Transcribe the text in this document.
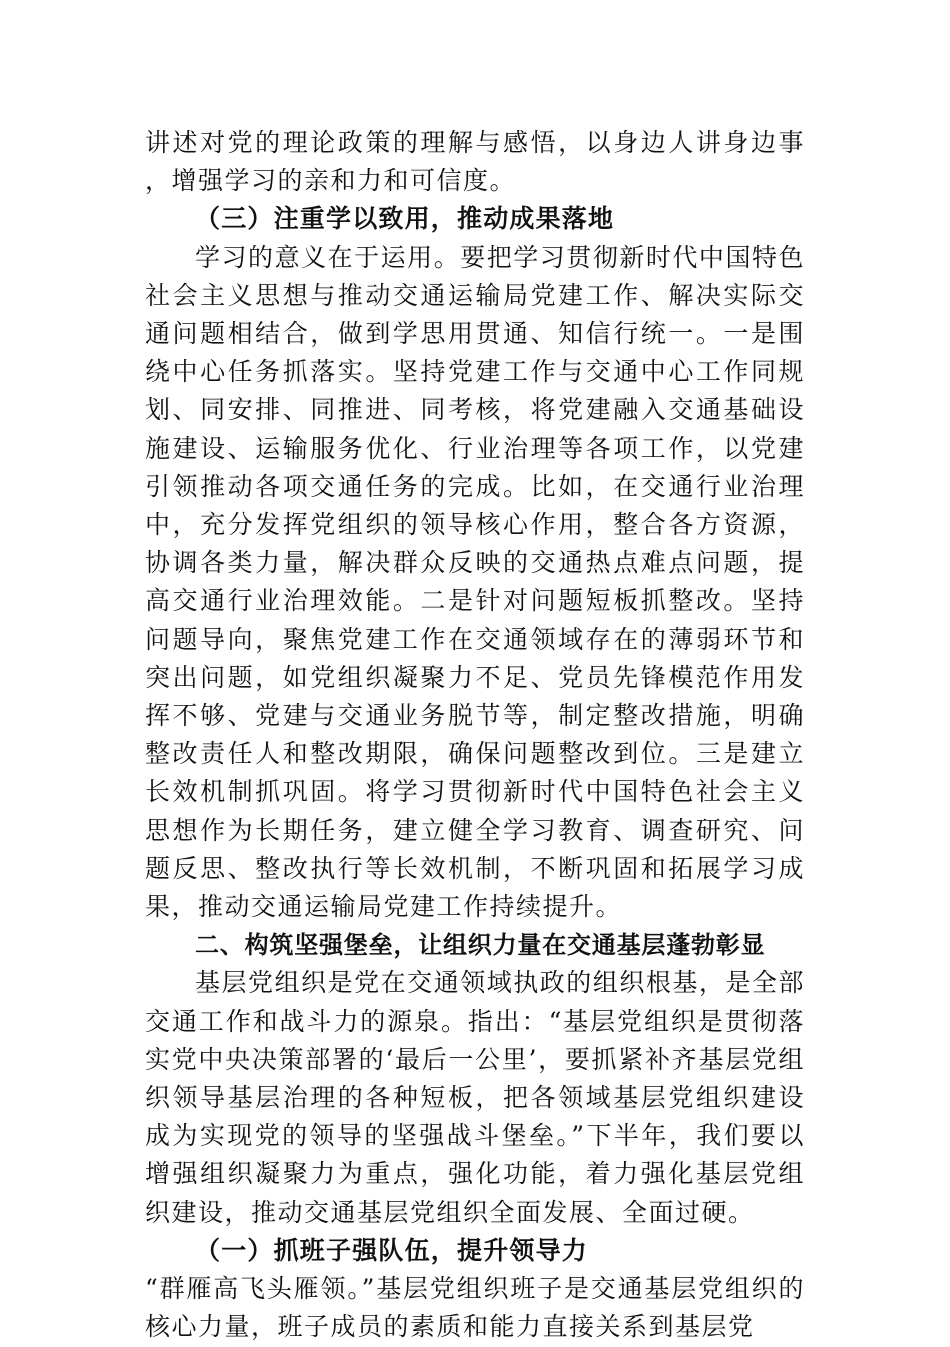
讲述对党的理论政策的理解与感悟，以身边人讲身边事，增强学习的亲和力和可信度。

（三）注重学以致用，推动成果落地

学习的意义在于运用。要把学习贯彻新时代中国特色社会主义思想与推动交通运输局党建工作、解决实际交通问题相结合，做到学思用贯通、知信行统一。一是围绕中心任务抓落实。坚持党建工作与交通中心工作同规划、同安排、同推进、同考核，将党建融入交通基础设施建设、运输服务优化、行业治理等各项工作，以党建引领推动各项交通任务的完成。比如，在交通行业治理中，充分发挥党组织的领导核心作用，整合各方资源，协调各类力量，解决群众反映的交通热点难点问题，提高交通行业治理效能。二是针对问题短板抓整改。坚持问题导向，聚焦党建工作在交通领域存在的薄弱环节和突出问题，如党组织凝聚力不足、党员先锋模范作用发挥不够、党建与交通业务脱节等，制定整改措施，明确整改责任人和整改期限，确保问题整改到位。三是建立长效机制抓巩固。将学习贯彻新时代中国特色社会主义思想作为长期任务，建立健全学习教育、调查研究、问题反思、整改执行等长效机制，不断巩固和拓展学习成果，推动交通运输局党建工作持续提升。

二、构筑坚强堡垒，让组织力量在交通基层蓬勃彰显

基层党组织是党在交通领域执政的组织根基，是全部交通工作和战斗力的源泉。指出：“基层党组织是贯彻落实党中央决策部署的‘最后一公里’，要抓紧补齐基层党组织领导基层治理的各种短板，把各领域基层党组织建设成为实现党的领导的坚强战斗堡垒。”下半年，我们要以增强组织凝聚力为重点，强化功能，着力强化基层党组织建设，推动交通基层党组织全面发展、全面过硬。

（一）抓班子强队伍，提升领导力

“群雁高飞头雁领。”基层党组织班子是交通基层党组织的核心力量，班子成员的素质和能力直接关系到基层党
